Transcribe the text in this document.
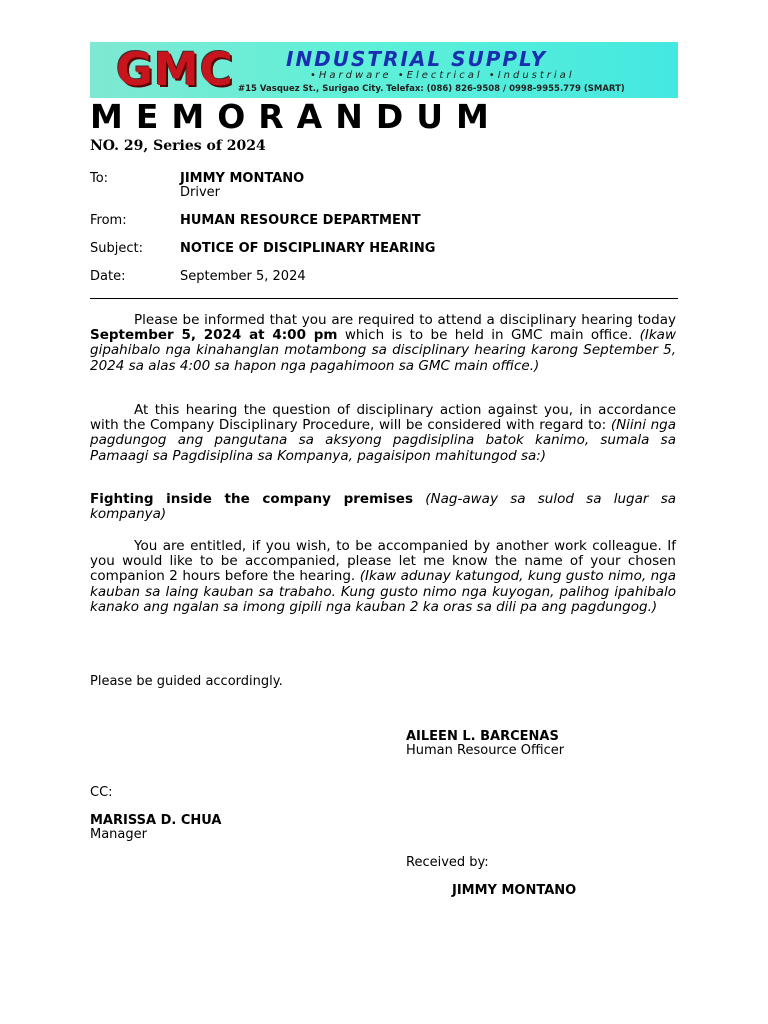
GMC	INDUSTRIAL SUPPLY
•Hardware •Electrical •Industrial
#15 Vasquez St., Surigao City. Telefax: (086) 826-9508 / 0998-9955.779 (SMART)
MEMORANDUM
NO. 29, Series of 2024
To:	JIMMY MONTANO
Driver
From:	HUMAN RESOURCE DEPARTMENT
Subject:	NOTICE OF DISCIPLINARY HEARING
Date:	September 5, 2024

Please be informed that you are required to attend a disciplinary hearing today September 5, 2024 at 4:00 pm which is to be held in GMC main office. (Ikaw gipahibalo nga kinahanglan motambong sa disciplinary hearing karong September 5, 2024 sa alas 4:00 sa hapon nga pagahimoon sa GMC main office.)

At this hearing the question of disciplinary action against you, in accordance with the Company Disciplinary Procedure, will be considered with regard to: (Niini nga pagdungog ang pangutana sa aksyong pagdisiplina batok kanimo, sumala sa Pamaagi sa Pagdisiplina sa Kompanya, pagaisipon mahitungod sa:)

Fighting inside the company premises (Nag-away sa sulod sa lugar sa kompanya)

You are entitled, if you wish, to be accompanied by another work colleague. If you would like to be accompanied, please let me know the name of your chosen companion 2 hours before the hearing. (Ikaw adunay katungod, kung gusto nimo, nga kauban sa laing kauban sa trabaho. Kung gusto nimo nga kuyogan, palihog ipahibalo kanako ang ngalan sa imong gipili nga kauban 2 ka oras sa dili pa ang pagdungog.)

Please be guided accordingly.
AILEEN L. BARCENAS
Human Resource Officer
CC:
MARISSA D. CHUA
Manager
Received by:
JIMMY MONTANO
